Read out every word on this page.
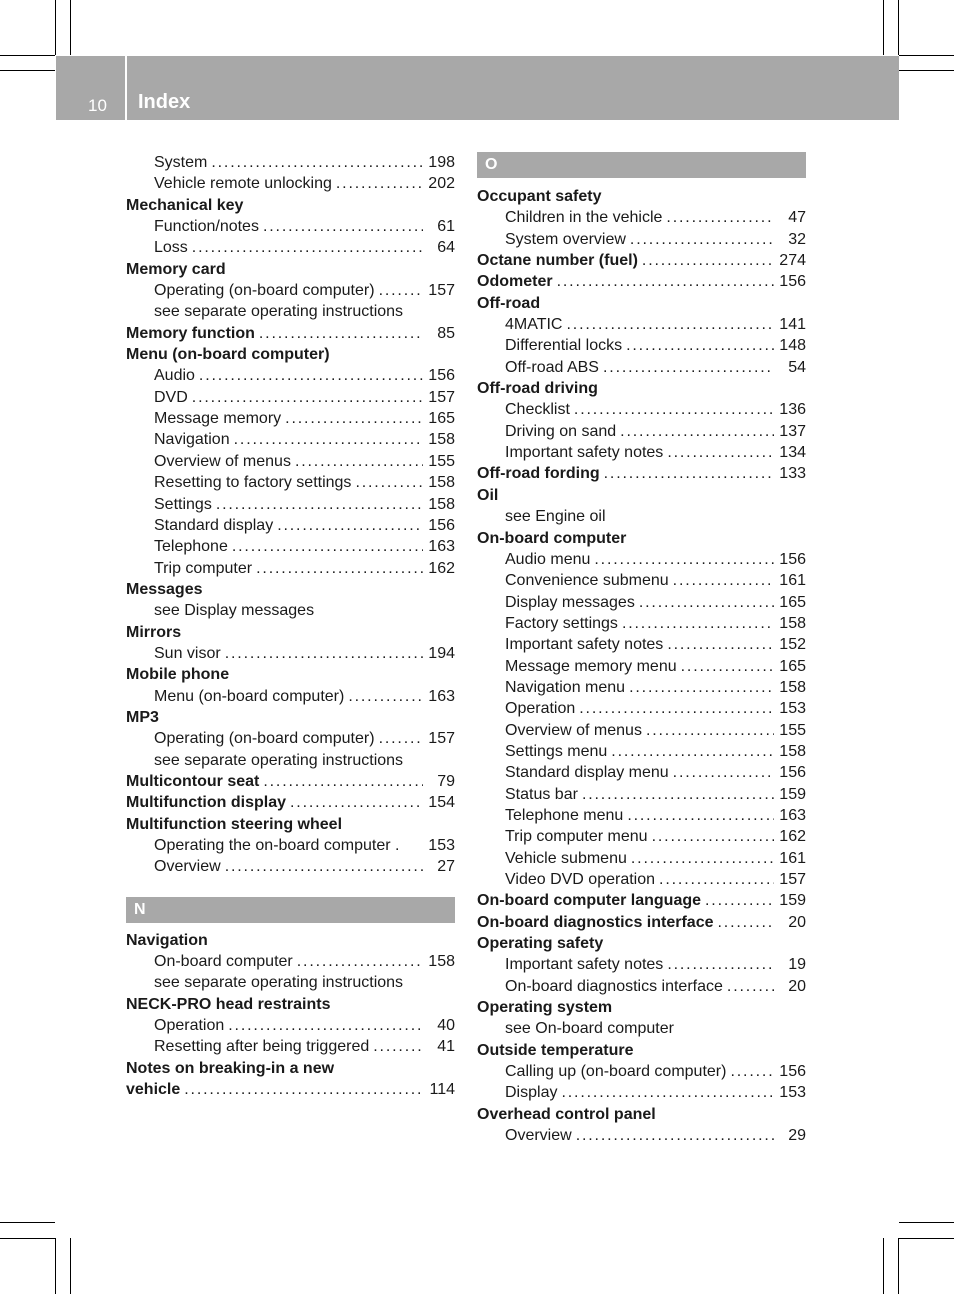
10 Index
System . . .	198
Vehicle remote unlocking . . .	202
Mechanical key
Function/notes . . .	61
Loss . . .	64
Memory card
Operating (on-board computer) . . .	157
see separate operating instructions
Memory function . . .	85
Menu (on-board computer)
Audio . . .	156
DVD . . .	157
Message memory . . .	165
Navigation . . .	158
Overview of menus . . .	155
Resetting to factory settings . . .	158
Settings . . .	158
Standard display . . .	156
Telephone . . .	163
Trip computer . . .	162
Messages
see Display messages
Mirrors
Sun visor . . .	194
Mobile phone
Menu (on-board computer) . . .	163
MP3
Operating (on-board computer) . . .	157
see separate operating instructions
Multicontour seat . . .	79
Multifunction display . . .	154
Multifunction steering wheel
Operating the on-board computer . 153
Overview . . .	27
N
Navigation
On-board computer . . .	158
see separate operating instructions
NECK-PRO head restraints
Operation . . .	40
Resetting after being triggered . . .	41
Notes on breaking-in a new
vehicle . . .	114
O
Occupant safety
Children in the vehicle . . .	47
System overview . . .	32
Octane number (fuel) . . .	274
Odometer . . .	156
Off-road
4MATIC . . .	141
Differential locks . . .	148
Off-road ABS . . .	54
Off-road driving
Checklist . . .	136
Driving on sand . . .	137
Important safety notes . . .	134
Off-road fording . . .	133
Oil
see Engine oil
On-board computer
Audio menu . . .	156
Convenience submenu . . .	161
Display messages . . .	165
Factory settings . . .	158
Important safety notes . . .	152
Message memory menu . . .	165
Navigation menu . . .	158
Operation . . .	153
Overview of menus . . .	155
Settings menu . . .	158
Standard display menu . . .	156
Status bar . . .	159
Telephone menu . . .	163
Trip computer menu . . .	162
Vehicle submenu . . .	161
Video DVD operation . . .	157
On-board computer language . . .	159
On-board diagnostics interface . . .	20
Operating safety
Important safety notes . . .	19
On-board diagnostics interface . . .	20
Operating system
see On-board computer
Outside temperature
Calling up (on-board computer) . . .	156
Display . . .	153
Overhead control panel
Overview . . .	29
